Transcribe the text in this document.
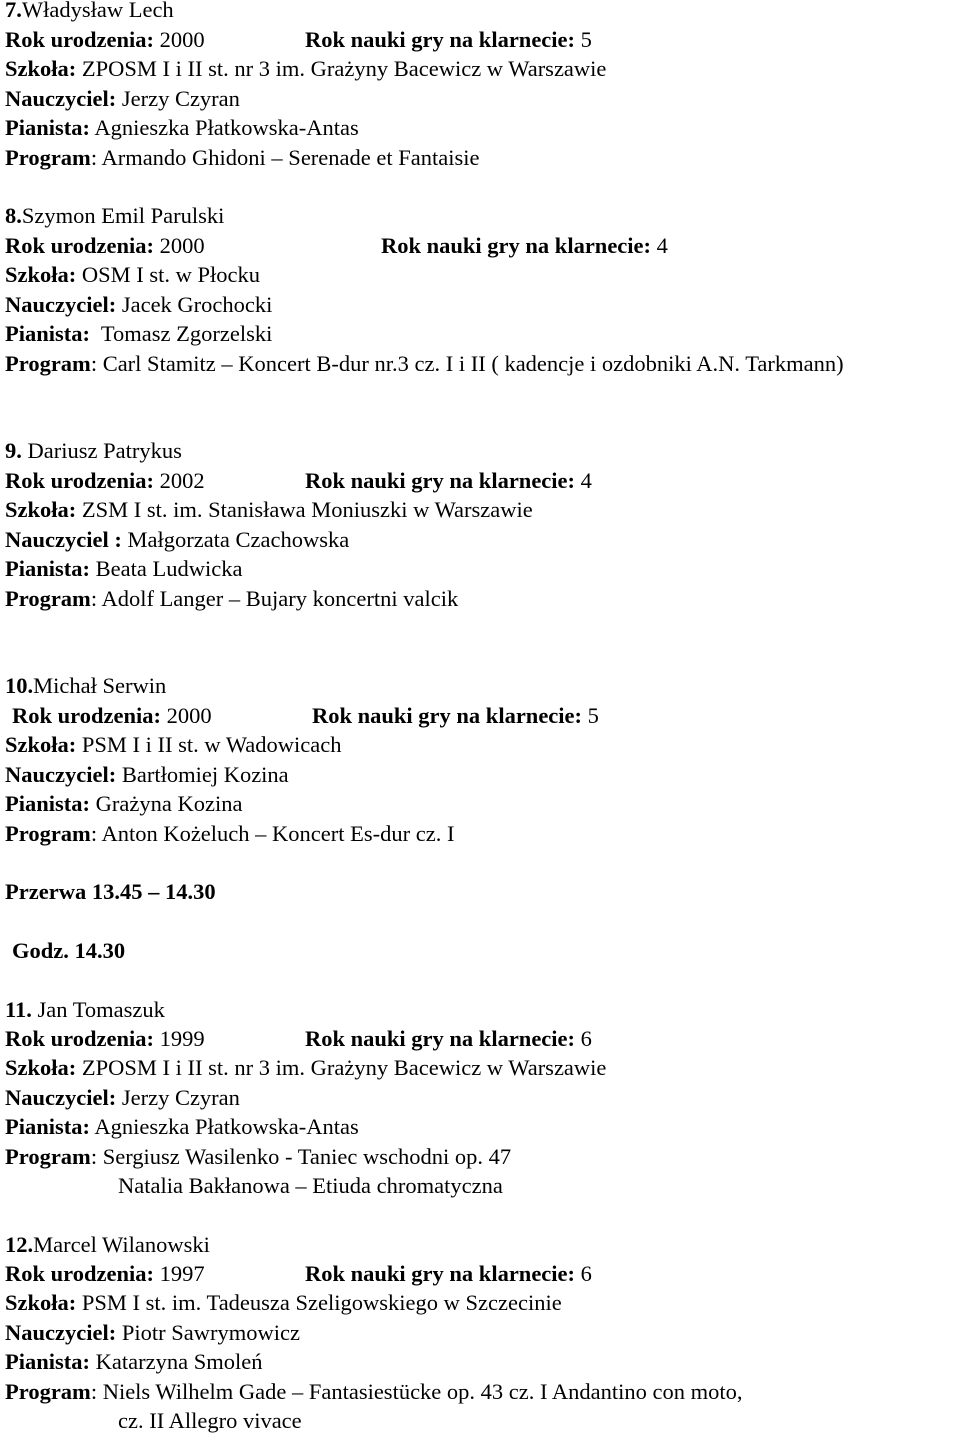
7.Władysław Lech
Rok urodzenia: 2000	Rok nauki gry na klarnecie: 5
Szkoła: ZPOSM I i II st. nr 3 im. Grażyny Bacewicz w Warszawie
Nauczyciel: Jerzy Czyran
Pianista: Agnieszka Płatkowska-Antas
Program: Armando Ghidoni – Serenade et Fantaisie
8.Szymon Emil Parulski
Rok urodzenia: 2000	Rok nauki gry na klarnecie: 4
Szkoła: OSM I st. w Płocku
Nauczyciel: Jacek Grochocki
Pianista: Tomasz Zgorzelski
Program: Carl Stamitz – Koncert B-dur nr.3 cz. I i II ( kadencje i ozdobniki A.N. Tarkmann)
9. Dariusz Patrykus
Rok urodzenia: 2002	Rok nauki gry na klarnecie: 4
Szkoła: ZSM I st. im. Stanisława Moniuszki w Warszawie
Nauczyciel : Małgorzata Czachowska
Pianista: Beata Ludwicka
Program: Adolf Langer – Bujary koncertni valcik
10.Michał Serwin
Rok urodzenia: 2000	Rok nauki gry na klarnecie: 5
Szkoła: PSM I i II st. w Wadowicach
Nauczyciel: Bartłomiej Kozina
Pianista: Grażyna Kozina
Program: Anton Kożeluch – Koncert Es-dur cz. I
Przerwa 13.45 – 14.30
Godz. 14.30
11. Jan Tomaszuk
Rok urodzenia: 1999	Rok nauki gry na klarnecie: 6
Szkoła: ZPOSM I i II st. nr 3 im. Grażyny Bacewicz w Warszawie
Nauczyciel: Jerzy Czyran
Pianista: Agnieszka Płatkowska-Antas
Program: Sergiusz Wasilenko - Taniec wschodni op. 47
Natalia Bakłanowa – Etiuda chromatyczna
12.Marcel Wilanowski
Rok urodzenia: 1997	Rok nauki gry na klarnecie: 6
Szkoła: PSM I st. im. Tadeusza Szeligowskiego w Szczecinie
Nauczyciel: Piotr Sawrymowicz
Pianista: Katarzyna Smoleń
Program: Niels Wilhelm Gade – Fantasiestücke op. 43 cz. I Andantino con moto,
cz. II Allegro vivace
